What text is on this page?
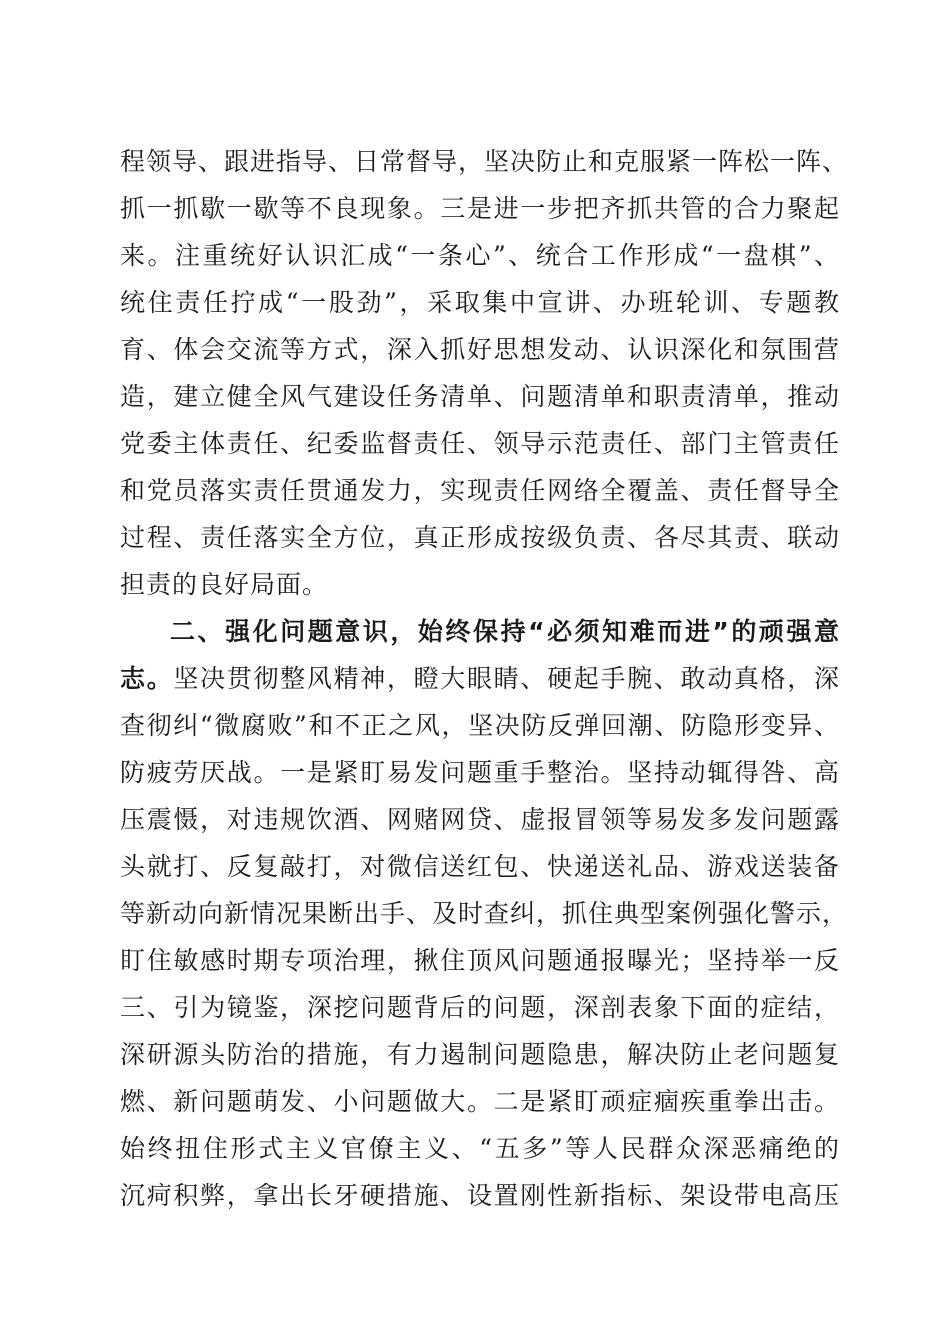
程领导、跟进指导、日常督导，坚决防止和克服紧一阵松一阵、
抓一抓歇一歇等不良现象。三是进一步把齐抓共管的合力聚起
来。注重统好认识汇成“一条心”、统合工作形成“一盘棋”、
统住责任拧成“一股劲”，采取集中宣讲、办班轮训、专题教
育、体会交流等方式，深入抓好思想发动、认识深化和氛围营
造，建立健全风气建设任务清单、问题清单和职责清单，推动
党委主体责任、纪委监督责任、领导示范责任、部门主管责任
和党员落实责任贯通发力，实现责任网络全覆盖、责任督导全
过程、责任落实全方位，真正形成按级负责、各尽其责、联动
担责的良好局面。
二、强化问题意识，始终保持“必须知难而进”的顽强意
志。坚决贯彻整风精神，瞪大眼睛、硬起手腕、敢动真格，深
查彻纠“微腐败”和不正之风，坚决防反弹回潮、防隐形变异、
防疲劳厌战。一是紧盯易发问题重手整治。坚持动辄得咎、高
压震慑，对违规饮酒、网赌网贷、虚报冒领等易发多发问题露
头就打、反复敲打，对微信送红包、快递送礼品、游戏送装备
等新动向新情况果断出手、及时查纠，抓住典型案例强化警示，
盯住敏感时期专项治理，揪住顶风问题通报曝光；坚持举一反
三、引为镜鉴，深挖问题背后的问题，深剖表象下面的症结，
深研源头防治的措施，有力遏制问题隐患，解决防止老问题复
燃、新问题萌发、小问题做大。二是紧盯顽症痼疾重拳出击。
始终扭住形式主义官僚主义、“五多”等人民群众深恶痛绝的
沉疴积弊，拿出长牙硬措施、设置刚性新指标、架设带电高压
